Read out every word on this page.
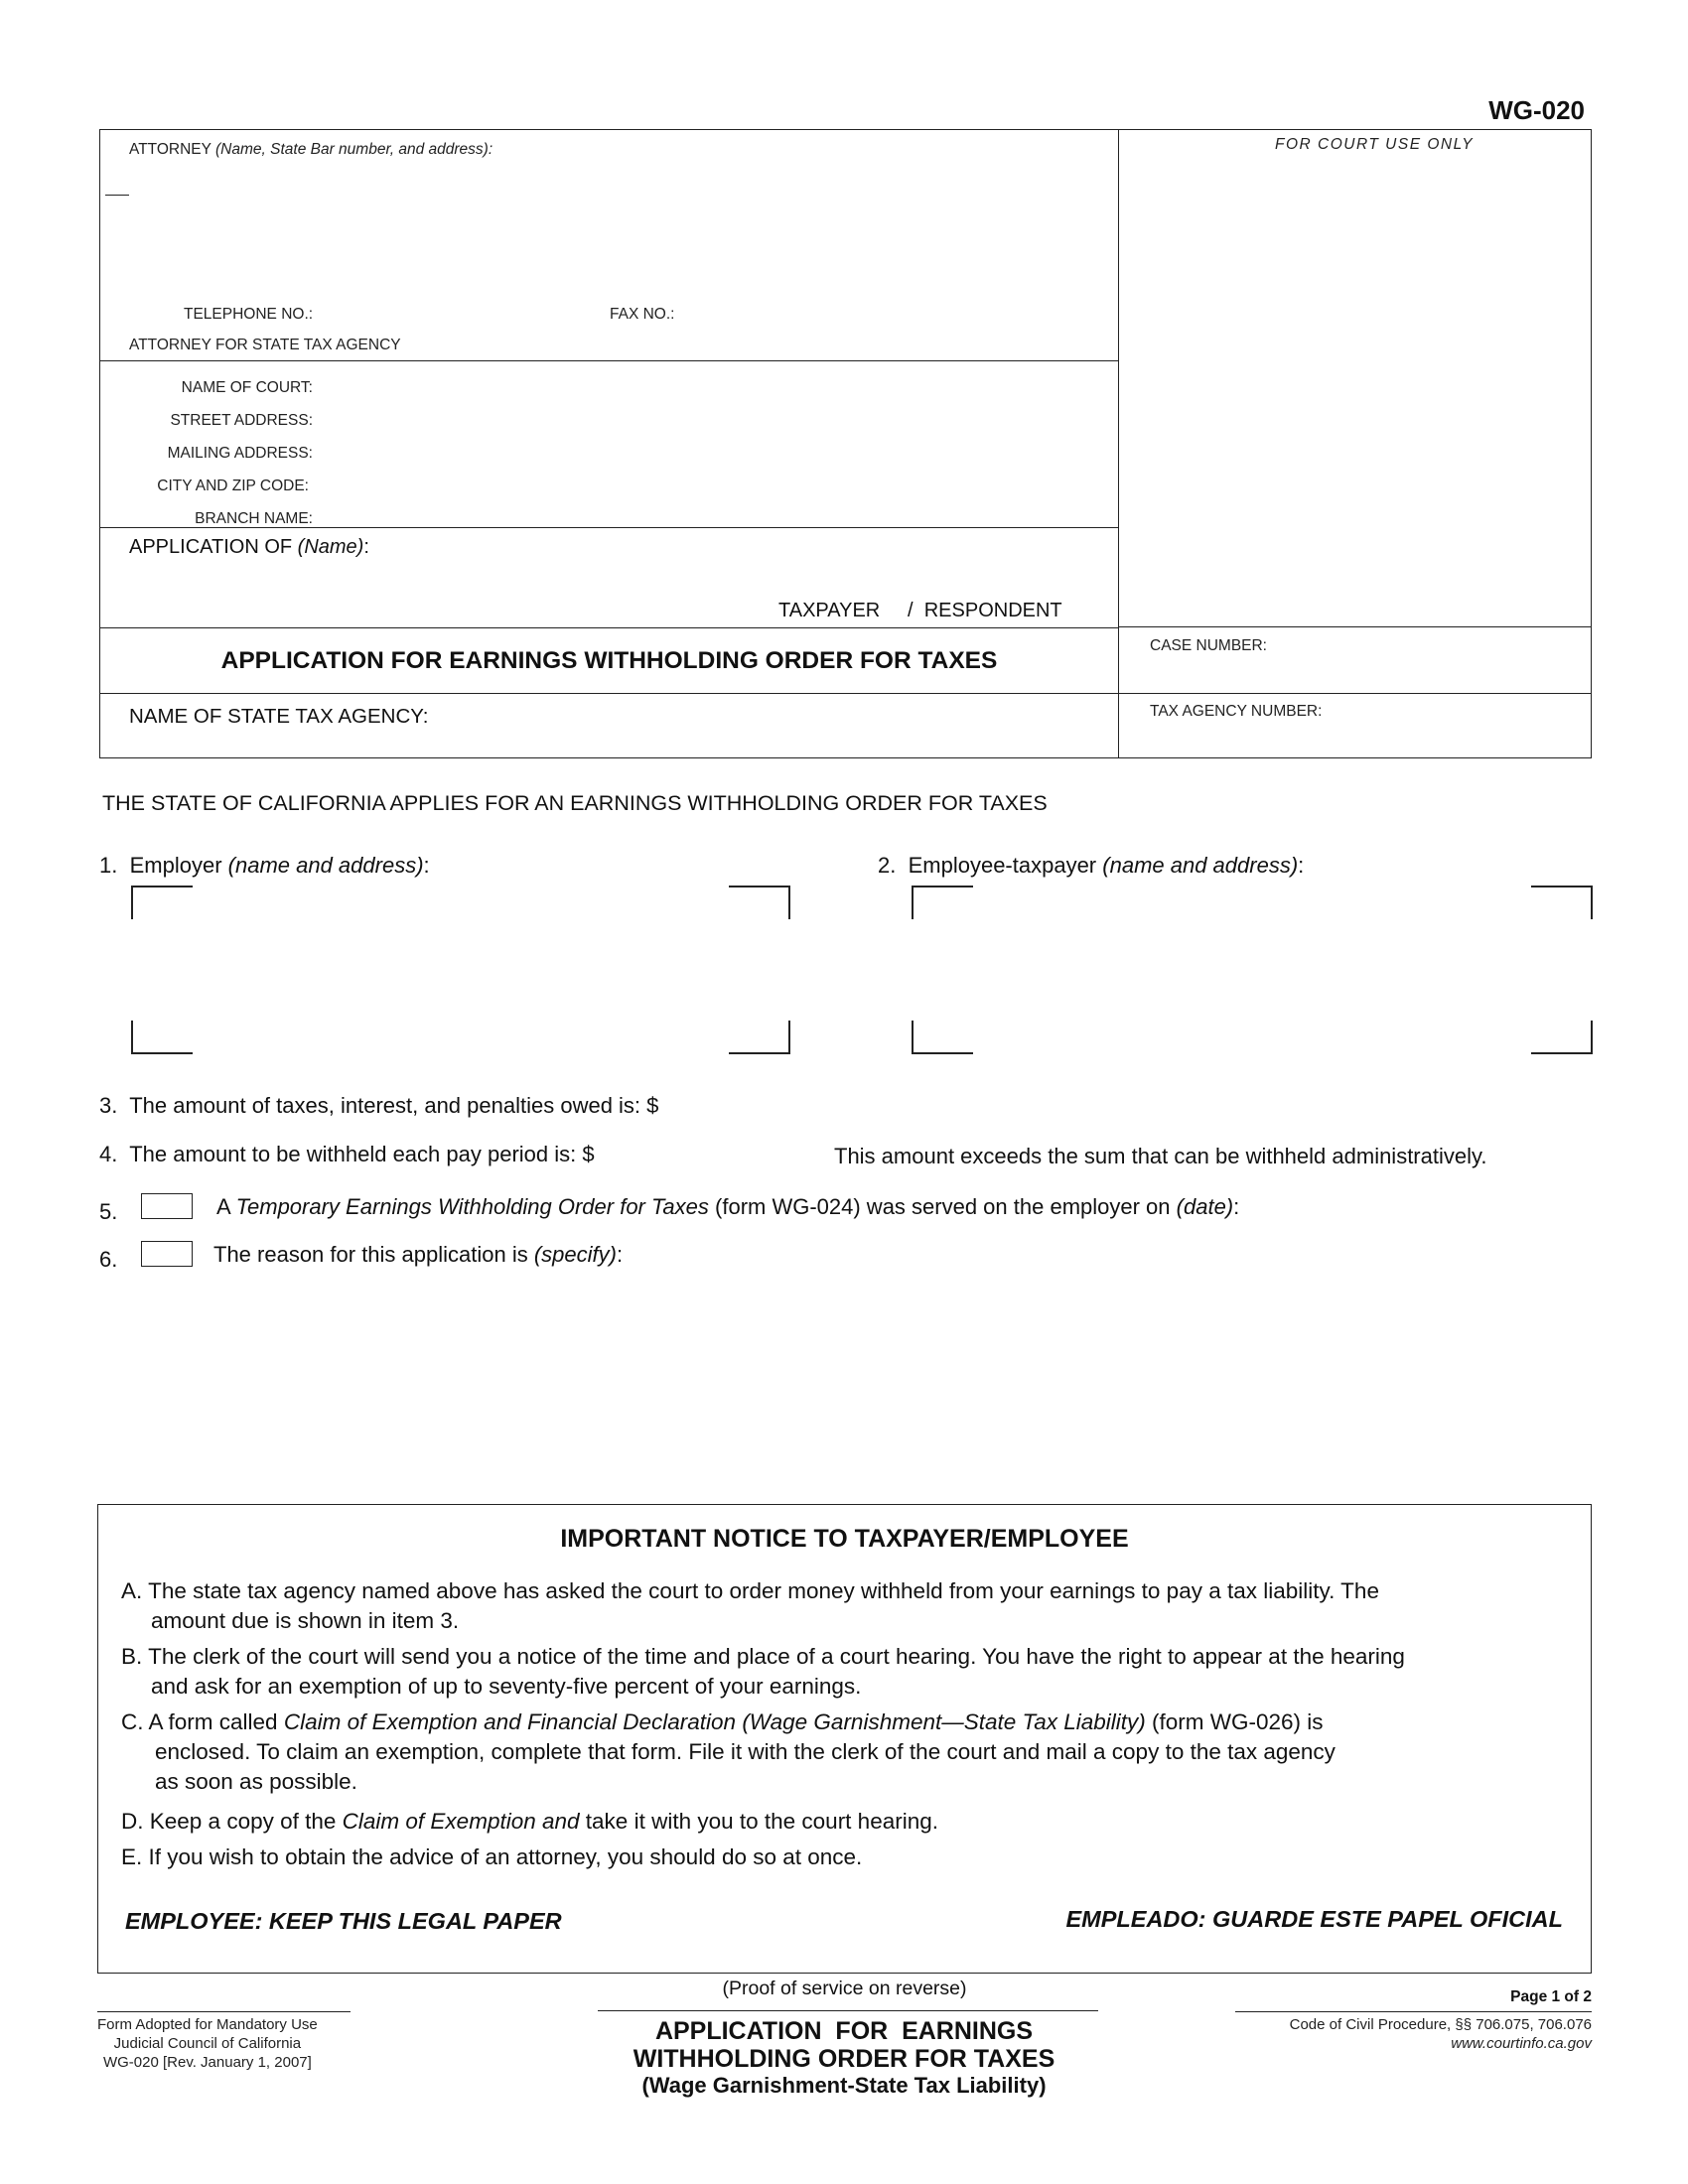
WG-020
ATTORNEY (Name, State Bar number, and address):
TELEPHONE NO.:	FAX NO.:
ATTORNEY FOR STATE TAX AGENCY
FOR COURT USE ONLY
NAME OF COURT:
STREET ADDRESS:
MAILING ADDRESS:
CITY AND ZIP CODE:
BRANCH NAME:
APPLICATION OF (Name):
TAXPAYER / RESPONDENT
APPLICATION FOR EARNINGS WITHHOLDING ORDER FOR TAXES
CASE NUMBER:
NAME OF STATE TAX AGENCY:	TAX AGENCY NUMBER:
THE STATE OF CALIFORNIA APPLIES FOR AN EARNINGS WITHHOLDING ORDER FOR TAXES
1. Employer (name and address):	2. Employee-taxpayer (name and address):
3. The amount of taxes, interest, and penalties owed is: $
4. The amount to be withheld each pay period is: $	This amount exceeds the sum that can be withheld administratively.
5.	A Temporary Earnings Withholding Order for Taxes (form WG-024) was served on the employer on (date):
6.	The reason for this application is (specify):
IMPORTANT NOTICE TO TAXPAYER/EMPLOYEE
A. The state tax agency named above has asked the court to order money withheld from your earnings to pay a tax liability. The
amount due is shown in item 3.
B. The clerk of the court will send you a notice of the time and place of a court hearing. You have the right to appear at the hearing
and ask for an exemption of up to seventy-five percent of your earnings.
C. A form called Claim of Exemption and Financial Declaration (Wage Garnishment—State Tax Liability) (form WG-026) is
enclosed. To claim an exemption, complete that form. File it with the clerk of the court and mail a copy to the tax agency
as soon as possible.
D. Keep a copy of the Claim of Exemption and take it with you to the court hearing.
E. If you wish to obtain the advice of an attorney, you should do so at once.
EMPLOYEE: KEEP THIS LEGAL PAPER	EMPLEADO: GUARDE ESTE PAPEL OFICIAL
(Proof of service on reverse)	Page 1 of 2
Form Adopted for Mandatory Use
Judicial Council of California
WG-020 [Rev. January 1, 2007]
APPLICATION  FOR  EARNINGS
WITHHOLDING ORDER FOR TAXES
(Wage Garnishment-State Tax Liability)
Code of Civil Procedure, §§ 706.075, 706.076
www.courtinfo.ca.gov
